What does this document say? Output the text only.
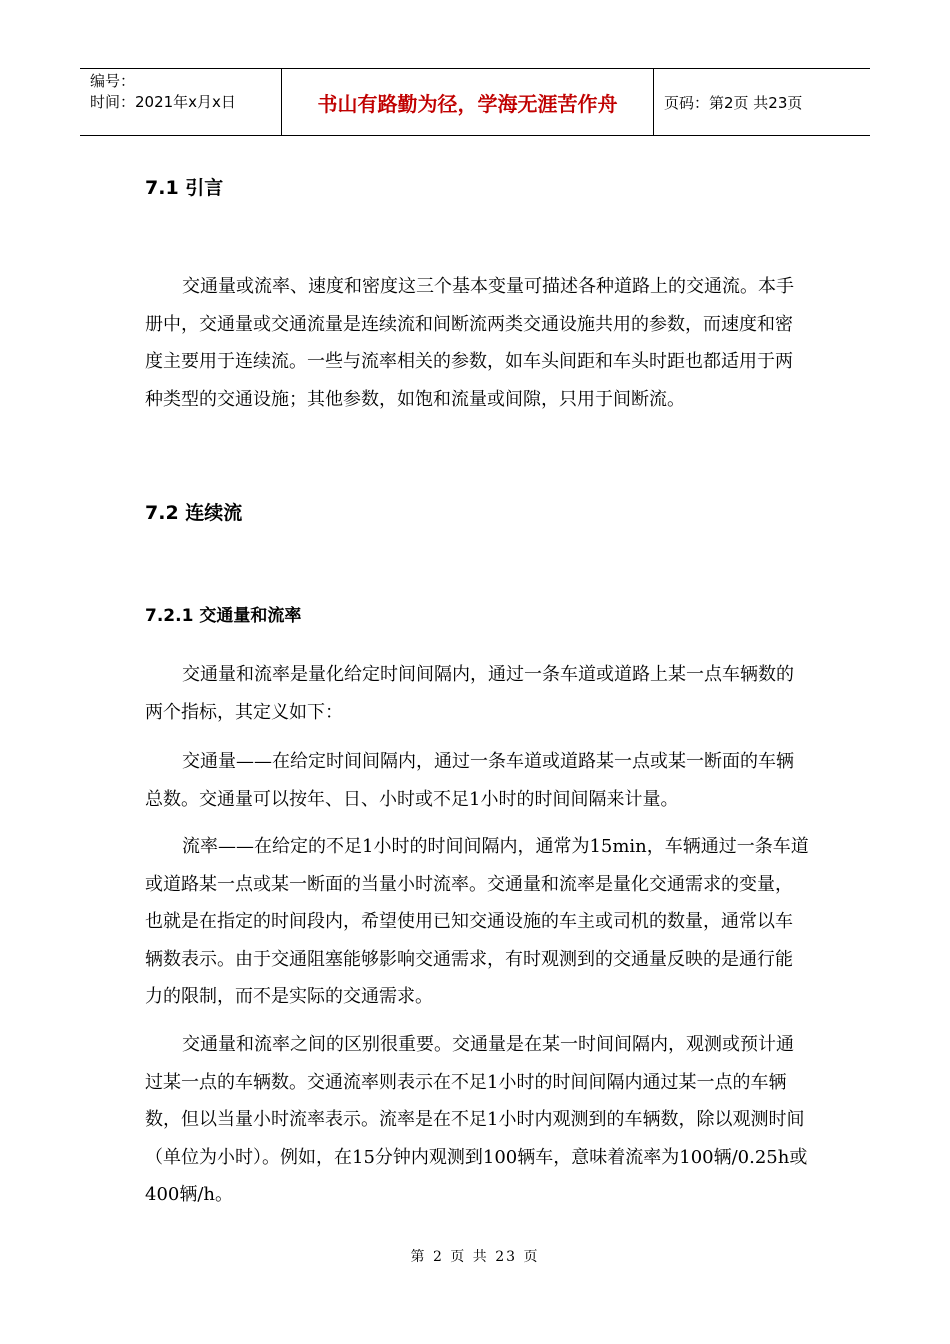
编号：
时间：2021年x月x日	书山有路勤为径，学海无涯苦作舟	页码：第2页 共23页
7.1 引言

交通量或流率、速度和密度这三个基本变量可描述各种道路上的交通流。本手册中，交通量或交通流量是连续流和间断流两类交通设施共用的参数，而速度和密度主要用于连续流。一些与流率相关的参数，如车头间距和车头时距也都适用于两种类型的交通设施；其他参数，如饱和流量或间隙，只用于间断流。

7.2 连续流
7.2.1 交通量和流率

交通量和流率是量化给定时间间隔内，通过一条车道或道路上某一点车辆数的两个指标，其定义如下：

交通量——在给定时间间隔内，通过一条车道或道路某一点或某一断面的车辆总数。交通量可以按年、日、小时或不足1小时的时间间隔来计量。

流率——在给定的不足1小时的时间间隔内，通常为15min，车辆通过一条车道或道路某一点或某一断面的当量小时流率。交通量和流率是量化交通需求的变量，也就是在指定的时间段内，希望使用已知交通设施的车主或司机的数量，通常以车辆数表示。由于交通阻塞能够影响交通需求，有时观测到的交通量反映的是通行能力的限制，而不是实际的交通需求。

交通量和流率之间的区别很重要。交通量是在某一时间间隔内，观测或预计通过某一点的车辆数。交通流率则表示在不足1小时的时间间隔内通过某一点的车辆数，但以当量小时流率表示。流率是在不足1小时内观测到的车辆数，除以观测时间（单位为小时）。例如，在15分钟内观测到100辆车，意味着流率为100辆/0.25h或400辆/h。

第 2 页 共 23 页
